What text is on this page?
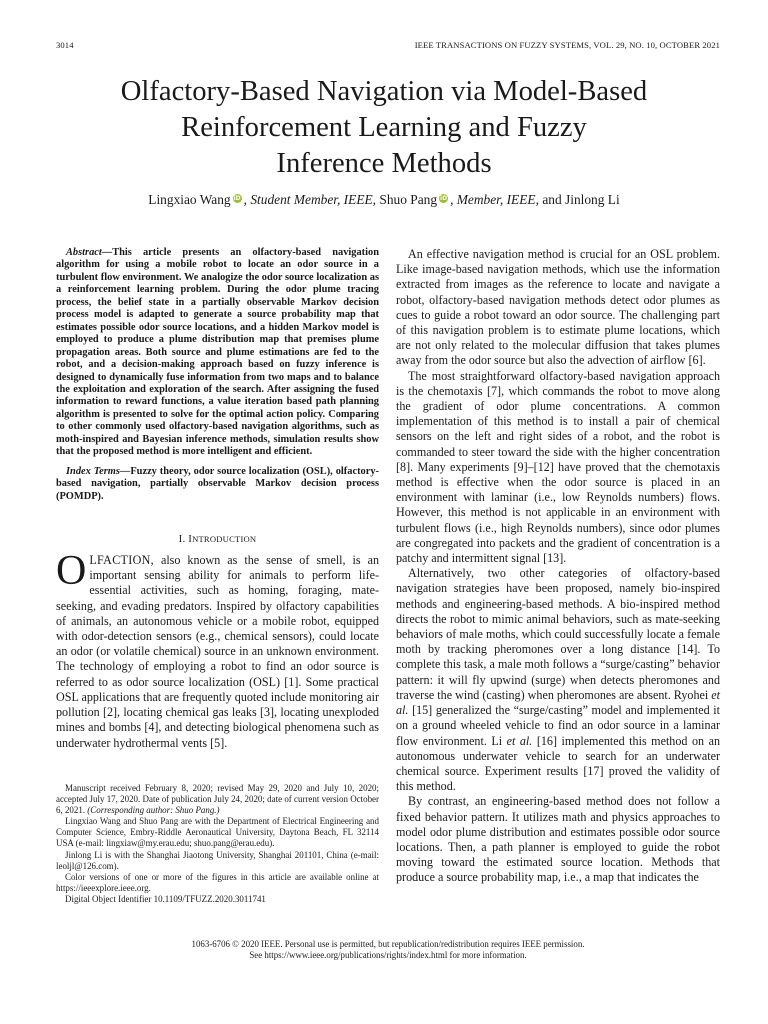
3014	IEEE TRANSACTIONS ON FUZZY SYSTEMS, VOL. 29, NO. 10, OCTOBER 2021
Olfactory-Based Navigation via Model-Based
Reinforcement Learning and Fuzzy
Inference Methods
Lingxiao Wang iD , Student Member, IEEE, Shuo Pang iD , Member, IEEE, and Jinlong Li

Abstract—This article presents an olfactory-based navigation algorithm for using a mobile robot to locate an odor source in a turbulent flow environment. We analogize the odor source localization as a reinforcement learning problem. During the odor plume tracing process, the belief state in a partially observable Markov decision process model is adapted to generate a source probability map that estimates possible odor source locations, and a hidden Markov model is employed to produce a plume distribution map that premises plume propagation areas. Both source and plume estimations are fed to the robot, and a decision-making approach based on fuzzy inference is designed to dynamically fuse information from two maps and to balance the exploitation and exploration of the search. After assigning the fused information to reward functions, a value iteration based path planning algorithm is presented to solve for the optimal action policy. Comparing to other commonly used olfactory-based navigation algorithms, such as moth-inspired and Bayesian inference methods, simulation results show that the proposed method is more intelligent and efficient.

Index Terms—Fuzzy theory, odor source localization (OSL), olfactory-based navigation, partially observable Markov decision process (POMDP).

I. INTRODUCTION

OLFACTION, also known as the sense of smell, is an important sensing ability for animals to perform life-essential activities, such as homing, foraging, mate-seeking, and evading predators. Inspired by olfactory capabilities of animals, an autonomous vehicle or a mobile robot, equipped with odor-detection sensors (e.g., chemical sensors), could locate an odor (or volatile chemical) source in an unknown environment. The technology of employing a robot to find an odor source is referred to as odor source localization (OSL) [1]. Some practical OSL applications that are frequently quoted include monitoring air pollution [2], locating chemical gas leaks [3], locating unexploded mines and bombs [4], and detecting biological phenomena such as underwater hydrothermal vents [5].

Manuscript received February 8, 2020; revised May 29, 2020 and July 10, 2020; accepted July 17, 2020. Date of publication July 24, 2020; date of current version October 6, 2021. (Corresponding author: Shuo Pang.)

Lingxiao Wang and Shuo Pang are with the Department of Electrical Engineering and Computer Science, Embry-Riddle Aeronautical University, Daytona Beach, FL 32114 USA (e-mail: lingxiaw@my.erau.edu; shuo.pang@erau.edu).

Jinlong Li is with the Shanghai Jiaotong University, Shanghai 201101, China (e-mail: leoljl@126.com).

Color versions of one or more of the figures in this article are available online at https://ieeexplore.ieee.org.

Digital Object Identifier 10.1109/TFUZZ.2020.3011741

An effective navigation method is crucial for an OSL problem. Like image-based navigation methods, which use the information extracted from images as the reference to locate and navigate a robot, olfactory-based navigation methods detect odor plumes as cues to guide a robot toward an odor source. The challenging part of this navigation problem is to estimate plume locations, which are not only related to the molecular diffusion that takes plumes away from the odor source but also the advection of airflow [6].

The most straightforward olfactory-based navigation approach is the chemotaxis [7], which commands the robot to move along the gradient of odor plume concentrations. A common implementation of this method is to install a pair of chemical sensors on the left and right sides of a robot, and the robot is commanded to steer toward the side with the higher concentration [8]. Many experiments [9]–[12] have proved that the chemotaxis method is effective when the odor source is placed in an environment with laminar (i.e., low Reynolds numbers) flows. However, this method is not applicable in an environment with turbulent flows (i.e., high Reynolds numbers), since odor plumes are congregated into packets and the gradient of concentration is a patchy and intermittent signal [13].

Alternatively, two other categories of olfactory-based navigation strategies have been proposed, namely bio-inspired methods and engineering-based methods. A bio-inspired method directs the robot to mimic animal behaviors, such as mate-seeking behaviors of male moths, which could successfully locate a female moth by tracking pheromones over a long distance [14]. To complete this task, a male moth follows a “surge/casting” behavior pattern: it will fly upwind (surge) when detects pheromones and traverse the wind (casting) when pheromones are absent. Ryohei et al. [15] generalized the “surge/casting” model and implemented it on a ground wheeled vehicle to find an odor source in a laminar flow environment. Li et al. [16] implemented this method on an autonomous underwater vehicle to search for an underwater chemical source. Experiment results [17] proved the validity of this method.

By contrast, an engineering-based method does not follow a fixed behavior pattern. It utilizes math and physics approaches to model odor plume distribution and estimates possible odor source locations. Then, a path planner is employed to guide the robot moving toward the estimated source location. Methods that produce a source probability map, i.e., a map that indicates the

1063-6706 © 2020 IEEE. Personal use is permitted, but republication/redistribution requires IEEE permission.
See https://www.ieee.org/publications/rights/index.html for more information.
